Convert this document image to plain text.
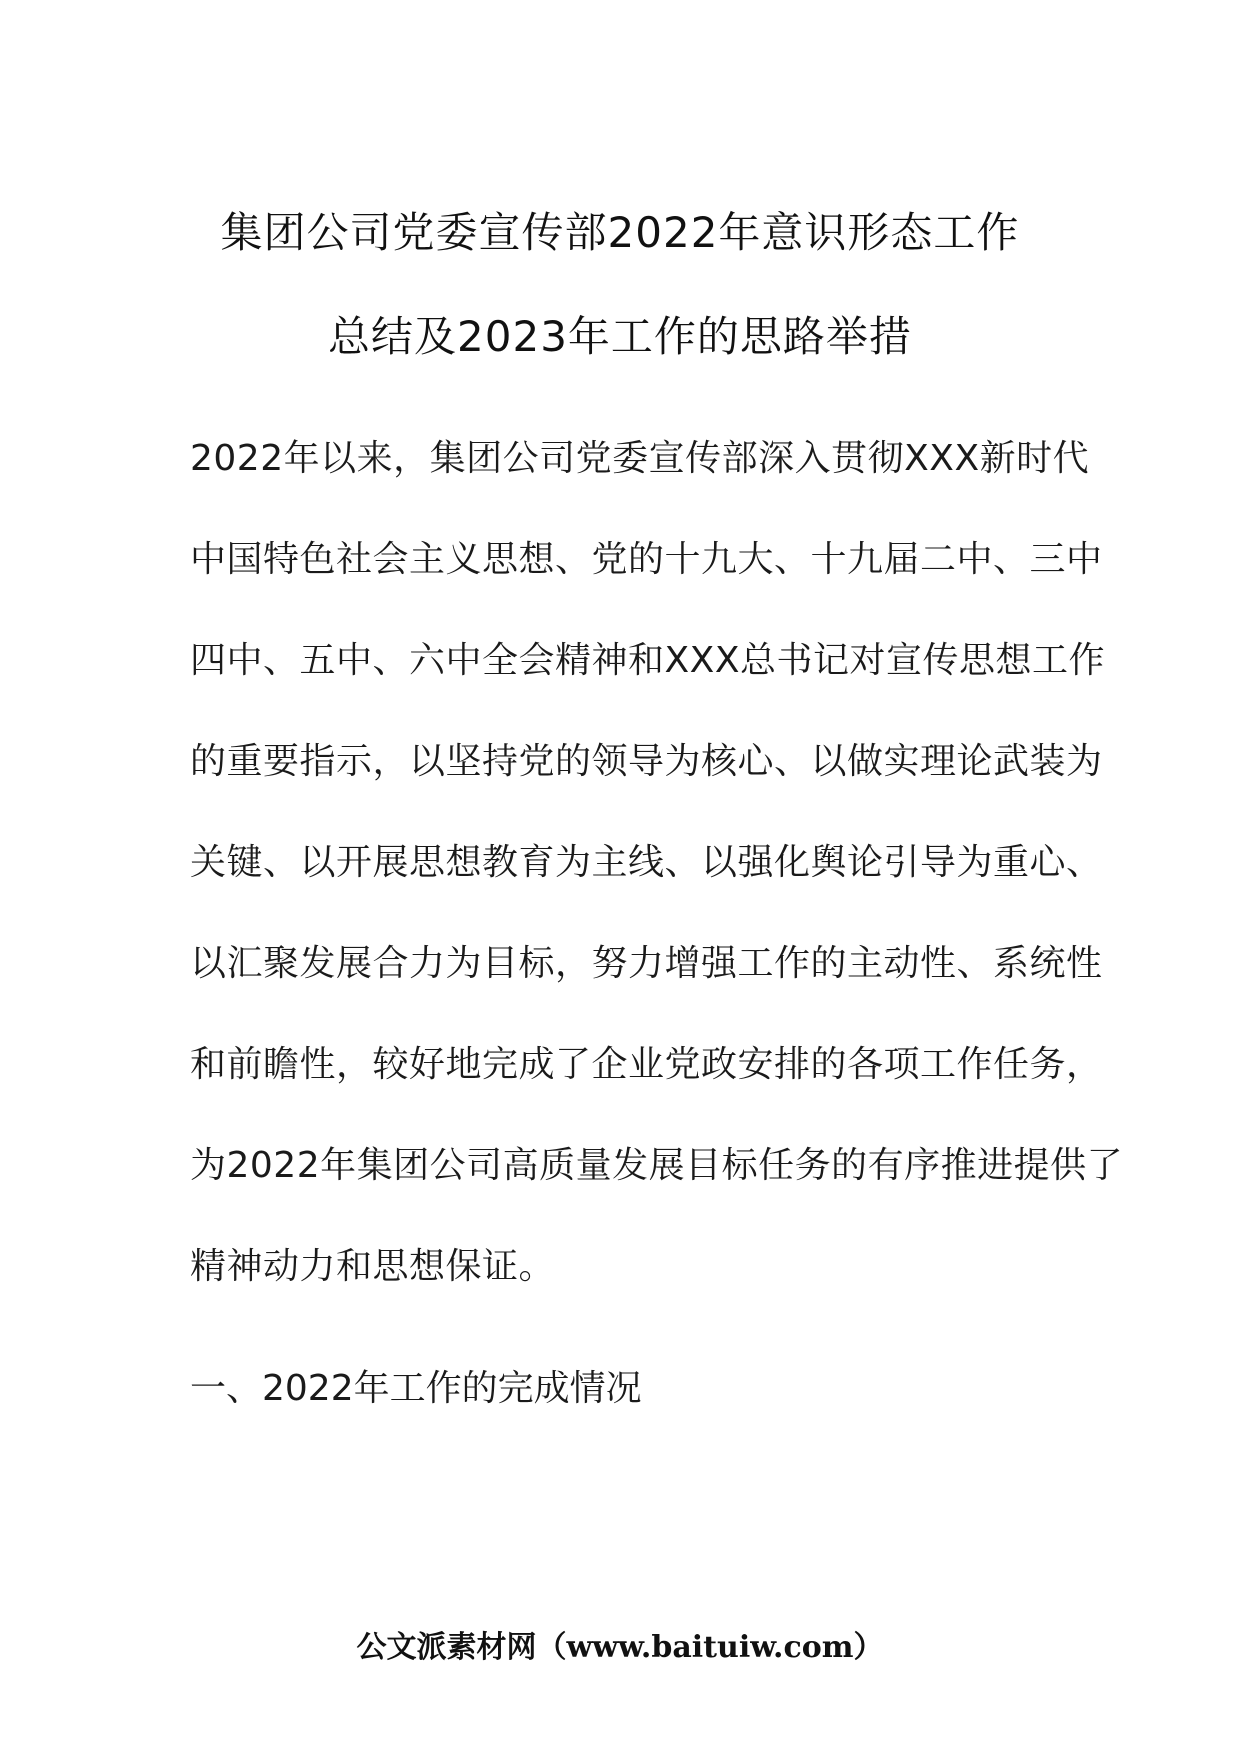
集团公司党委宣传部2022年意识形态工作
总结及2023年工作的思路举措
2022年以来，集团公司党委宣传部深入贯彻XXX新时代
中国特色社会主义思想、党的十九大、十九届二中、三中
四中、五中、六中全会精神和XXX总书记对宣传思想工作
的重要指示，以坚持党的领导为核心、以做实理论武装为
关键、以开展思想教育为主线、以强化舆论引导为重心、
以汇聚发展合力为目标，努力增强工作的主动性、系统性
和前瞻性，较好地完成了企业党政安排的各项工作任务，
为2022年集团公司高质量发展目标任务的有序推进提供了
精神动力和思想保证。
一、2022年工作的完成情况
公文派素材网（www.baituiw.com）
